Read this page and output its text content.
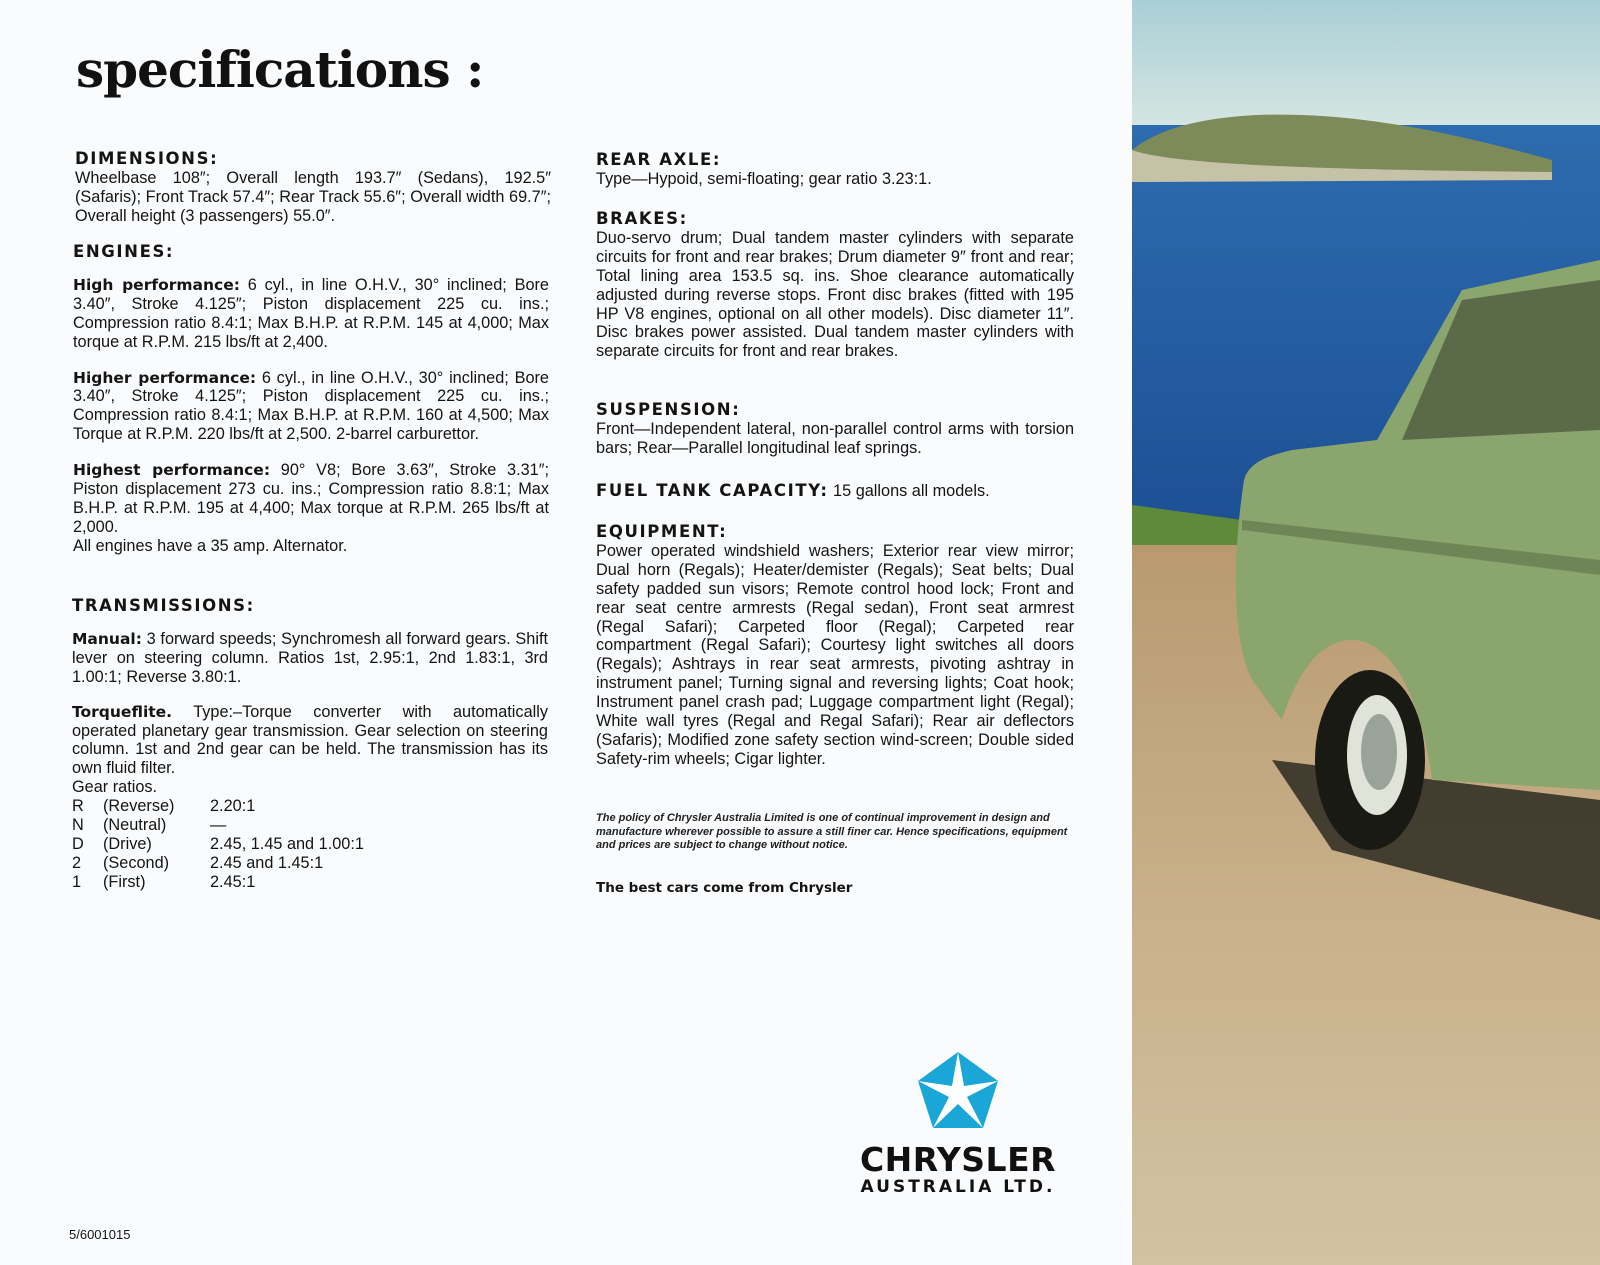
specifications :
DIMENSIONS:

Wheelbase 108″; Overall length 193.7″ (Sedans), 192.5″ (Safaris); Front Track 57.4″; Rear Track 55.6″; Overall width 69.7″; Overall height (3 passengers) 55.0″.

ENGINES:

High performance: 6 cyl., in line O.H.V., 30° inclined; Bore 3.40″, Stroke 4.125″; Piston displacement 225 cu. ins.; Compression ratio 8.4:1; Max B.H.P. at R.P.M. 145 at 4,000; Max torque at R.P.M. 215 lbs/ft at 2,400.

Higher performance: 6 cyl., in line O.H.V., 30° inclined; Bore 3.40″, Stroke 4.125″; Piston displacement 225 cu. ins.; Compression ratio 8.4:1; Max B.H.P. at R.P.M. 160 at 4,500; Max Torque at R.P.M. 220 lbs/ft at 2,500. 2-barrel carburettor.

Highest performance: 90° V8; Bore 3.63″, Stroke 3.31″; Piston displacement 273 cu. ins.; Compression ratio 8.8:1; Max B.H.P. at R.P.M. 195 at 4,400; Max torque at R.P.M. 265 lbs/ft at 2,000.

All engines have a 35 amp. Alternator.

TRANSMISSIONS:

Manual: 3 forward speeds; Synchromesh all forward gears. Shift lever on steering column. Ratios 1st, 2.95:1, 2nd 1.83:1, 3rd 1.00:1; Reverse 3.80:1.

Torqueflite. Type:–Torque converter with automatically operated planetary gear transmission. Gear selection on steering column. 1st and 2nd gear can be held. The transmission has its own fluid filter.

Gear ratios.

R	(Reverse)	2.20:1
N	(Neutral)	—
D	(Drive)	2.45, 1.45 and 1.00:1
2	(Second)	2.45 and 1.45:1
1	(First)	2.45:1
REAR AXLE:

Type—Hypoid, semi-floating; gear ratio 3.23:1.

BRAKES:

Duo-servo drum; Dual tandem master cylinders with separate circuits for front and rear brakes; Drum diameter 9″ front and rear; Total lining area 153.5 sq. ins. Shoe clearance automatically adjusted during reverse stops. Front disc brakes (fitted with 195 HP V8 engines, optional on all other models). Disc diameter 11″. Disc brakes power assisted. Dual tandem master cylinders with separate circuits for front and rear brakes.

SUSPENSION:

Front—Independent lateral, non-parallel control arms with torsion bars; Rear—Parallel longitudinal leaf springs.

FUEL TANK CAPACITY: 15 gallons all models.
EQUIPMENT:

Power operated windshield washers; Exterior rear view mirror; Dual horn (Regals); Heater/demister (Regals); Seat belts; Dual safety padded sun visors; Remote control hood lock; Front and rear seat centre armrests (Regal sedan), Front seat armrest (Regal Safari); Carpeted floor (Regal); Carpeted rear compartment (Regal Safari); Courtesy light switches all doors (Regals); Ashtrays in rear seat armrests, pivoting ashtray in instrument panel; Turning signal and reversing lights; Coat hook; Instrument panel crash pad; Luggage compartment light (Regal); White wall tyres (Regal and Regal Safari); Rear air deflectors (Safaris); Modified zone safety section wind-screen; Double sided Safety-rim wheels; Cigar lighter.

The policy of Chrysler Australia Limited is one of continual improvement in design and manufacture wherever possible to assure a still finer car. Hence specifications, equipment and prices are subject to change without notice.
The best cars come from Chrysler
CHRYSLER
AUSTRALIA LTD.
5/6001015
